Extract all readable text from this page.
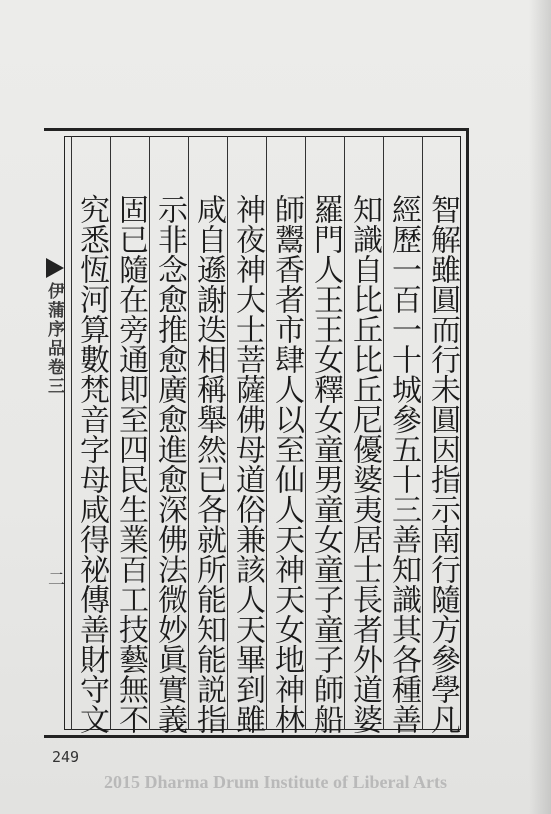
智解雖圓而行未圓因指示南行隨方參學凡
經歷一百一十城參五十三善知識其各種善
知識自比丘比丘尼優婆夷居士長者外道婆
羅門人王王女釋女童男童女童子童子師船
師鬻香者市肆人以至仙人天神天女地神林
神夜神大士菩薩佛母道俗兼該人天畢到雖
咸自遜謝迭相稱舉然已各就所能知能説指
示非念愈推愈廣愈進愈深佛法微妙眞實義
固已隨在旁通即至四民生業百工技藝無不
究悉恆河算數梵音字母咸得祕傳善財守文
伊蒲序品卷三
二
249
2015 Dharma Drum Institute of Liberal Arts
